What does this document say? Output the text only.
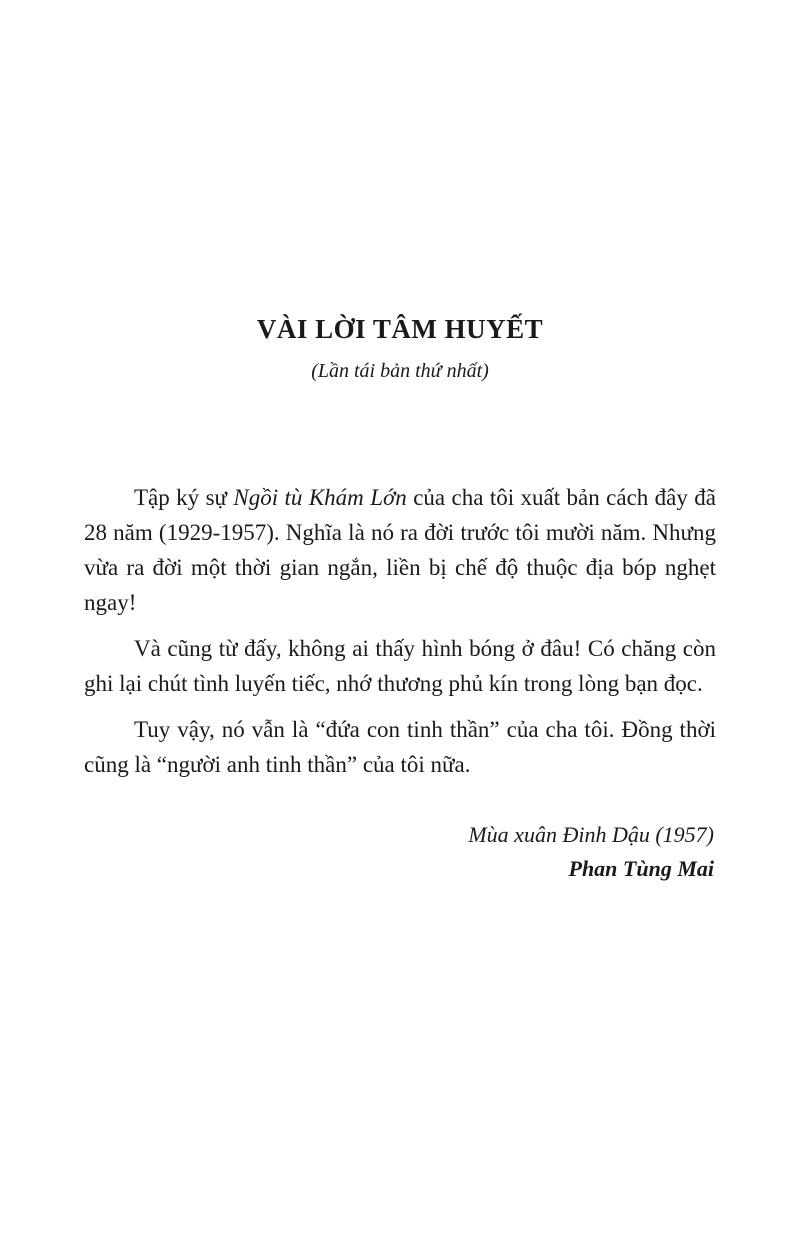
VÀI LỜI TÂM HUYẾT
(Lần tái bản thứ nhất)

Tập ký sự Ngồi tù Khám Lớn của cha tôi xuất bản cách đây đã 28 năm (1929-1957). Nghĩa là nó ra đời trước tôi mười năm. Nhưng vừa ra đời một thời gian ngắn, liền bị chế độ thuộc địa bóp nghẹt ngay!

Và cũng từ đấy, không ai thấy hình bóng ở đâu! Có chăng còn ghi lại chút tình luyến tiếc, nhớ thương phủ kín trong lòng bạn đọc.

Tuy vậy, nó vẫn là “đứa con tinh thần” của cha tôi. Đồng thời cũng là “người anh tinh thần” của tôi nữa.

Mùa xuân Đinh Dậu (1957)
Phan Tùng Mai
